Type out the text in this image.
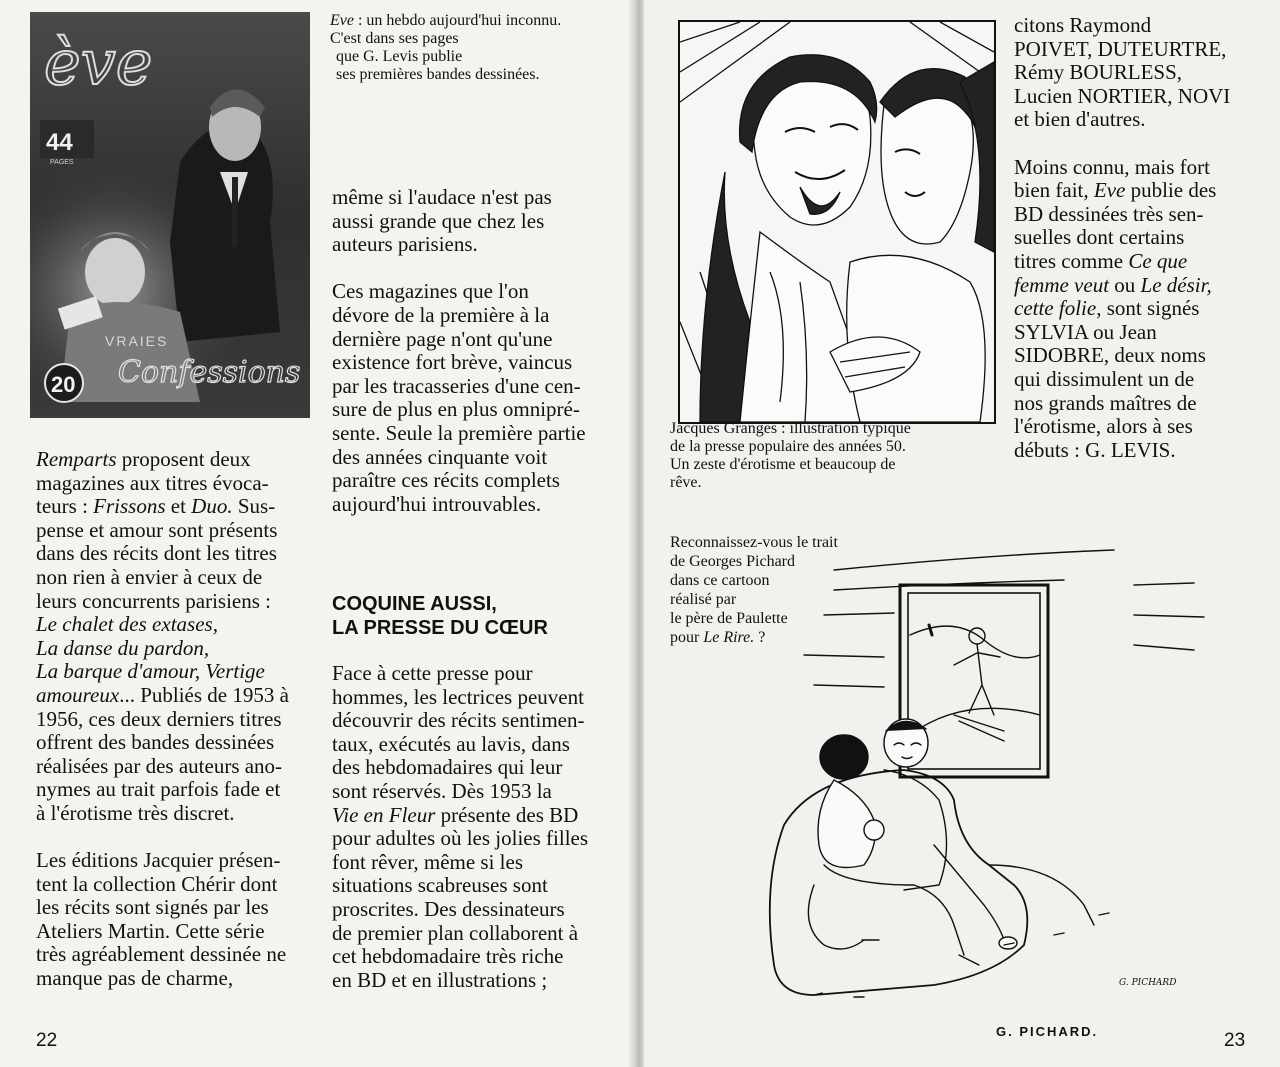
ève
44
PAGES
VRAIES
Confessions
20
Eve : un hebdo aujourd'hui inconnu.
C'est dans ses pages
que G. Levis publie
ses premières bandes dessinées.
Remparts proposent deux
magazines aux titres évoca-
teurs : Frissons et Duo. Sus-
pense et amour sont présents
dans des récits dont les titres
non rien à envier à ceux de
leurs concurrents parisiens :
Le chalet des extases,
La danse du pardon,
La barque d'amour, Vertige
amoureux... Publiés de 1953 à
1956, ces deux derniers titres
offrent des bandes dessinées
réalisées par des auteurs ano-
nymes au trait parfois fade et
à l'érotisme très discret.
Les éditions Jacquier présen-
tent la collection Chérir dont
les récits sont signés par les
Ateliers Martin. Cette série
très agréablement dessinée ne
manque pas de charme,
même si l'audace n'est pas
aussi grande que chez les
auteurs parisiens.
Ces magazines que l'on
dévore de la première à la
dernière page n'ont qu'une
existence fort brève, vaincus
par les tracasseries d'une cen-
sure de plus en plus omnipré-
sente. Seule la première partie
des années cinquante voit
paraître ces récits complets
aujourd'hui introuvables.
COQUINE AUSSI,
LA PRESSE DU CŒUR
Face à cette presse pour
hommes, les lectrices peuvent
découvrir des récits sentimen-
taux, exécutés au lavis, dans
des hebdomadaires qui leur
sont réservés. Dès 1953 la
Vie en Fleur présente des BD
pour adultes où les jolies filles
font rêver, même si les
situations scabreuses sont
proscrites. Des dessinateurs
de premier plan collaborent à
cet hebdomadaire très riche
en BD et en illustrations ;
22
Jacques Granges : illustration typique
de la presse populaire des années 50.
Un zeste d'érotisme et beaucoup de
rêve.
citons Raymond
POIVET, DUTEURTRE,
Rémy BOURLESS,
Lucien NORTIER, NOVI
et bien d'autres.
Moins connu, mais fort
bien fait, Eve publie des
BD dessinées très sen-
suelles dont certains
titres comme Ce que
femme veut ou Le désir,
cette folie, sont signés
SYLVIA ou Jean
SIDOBRE, deux noms
qui dissimulent un de
nos grands maîtres de
l'érotisme, alors à ses
débuts : G. LEVIS.
Reconnaissez-vous le trait
de Georges Pichard
dans ce cartoon
réalisé par
le père de Paulette
pour Le Rire. ?
G. PICHARD
G. PICHARD.	23
